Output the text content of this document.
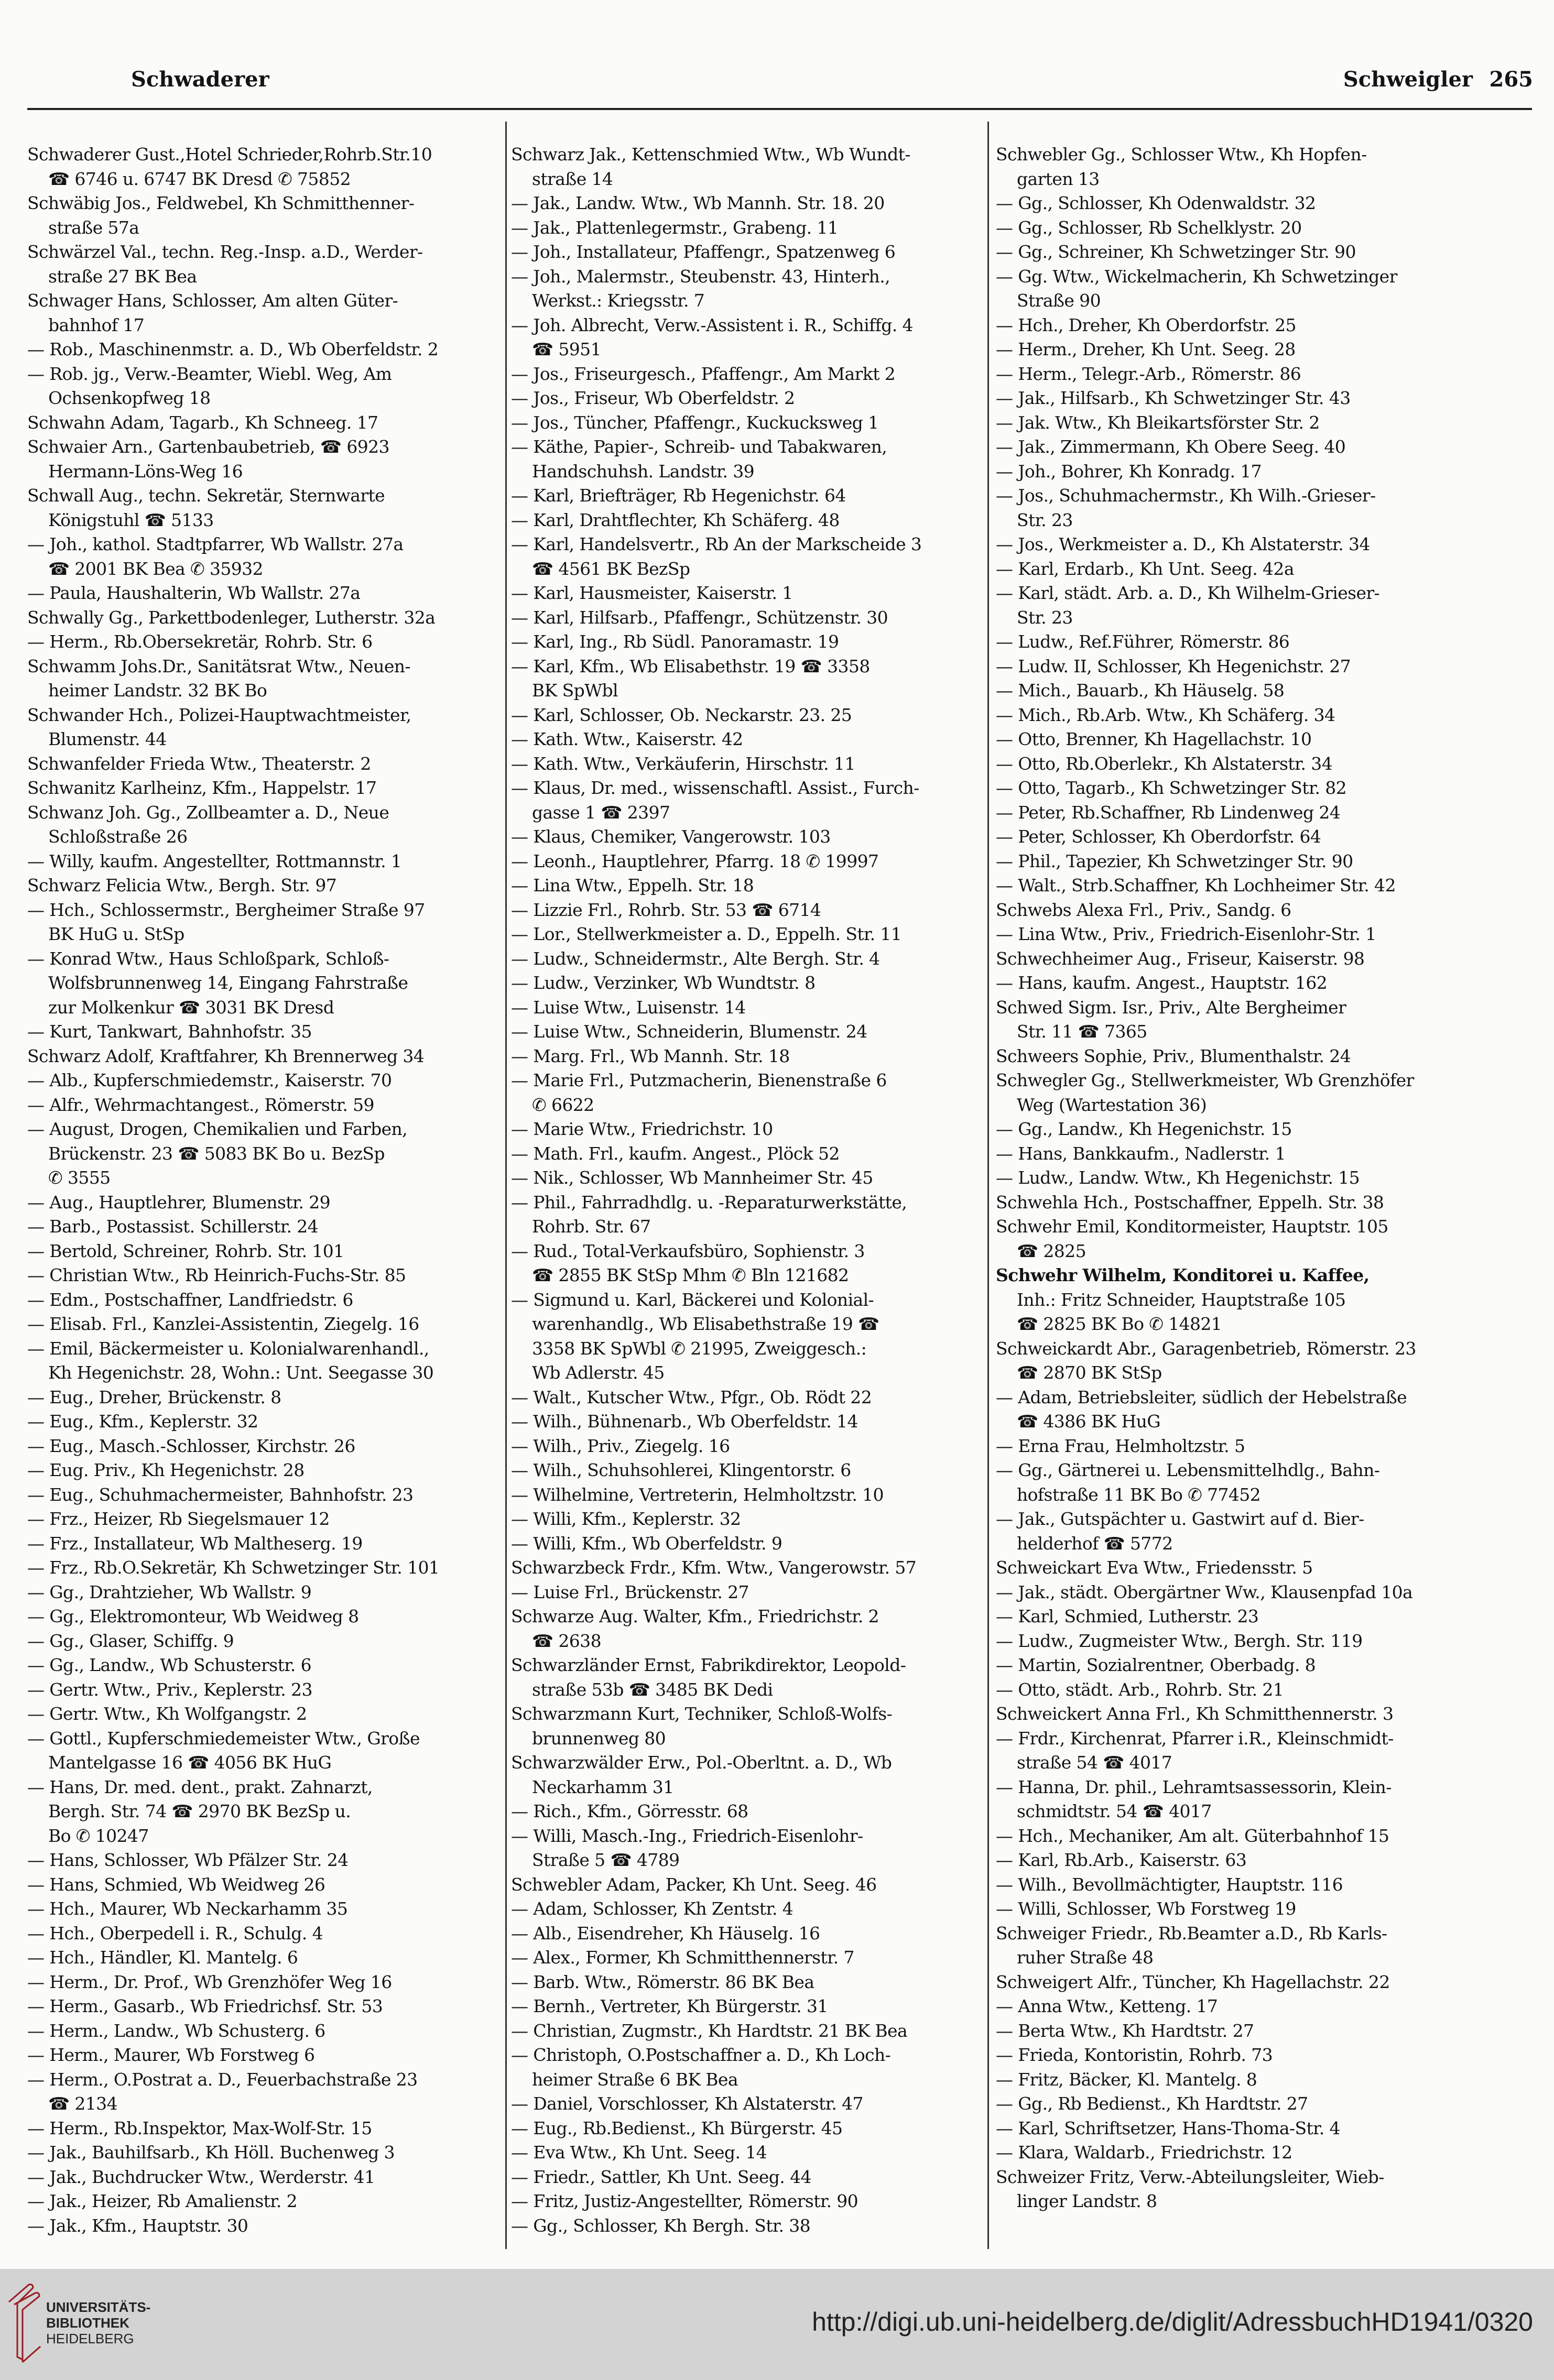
Schwaderer	Schweigler 265
Schwaderer Gust.,Hotel Schrieder,Rohrb.Str.10
☎ 6746 u. 6747 BK Dresd ✆ 75852
Schwäbig Jos., Feldwebel, Kh Schmitthenner-
straße 57a
Schwärzel Val., techn. Reg.-Insp. a.D., Werder-
straße 27 BK Bea
Schwager Hans, Schlosser, Am alten Güter-
bahnhof 17
— Rob., Maschinenmstr. a. D., Wb Oberfeldstr. 2
— Rob. jg., Verw.-Beamter, Wiebl. Weg, Am
Ochsenkopfweg 18
Schwahn Adam, Tagarb., Kh Schneeg. 17
Schwaier Arn., Gartenbaubetrieb, ☎ 6923
Hermann-Löns-Weg 16
Schwall Aug., techn. Sekretär, Sternwarte
Königstuhl ☎ 5133
— Joh., kathol. Stadtpfarrer, Wb Wallstr. 27a
☎ 2001 BK Bea ✆ 35932
— Paula, Haushalterin, Wb Wallstr. 27a
Schwally Gg., Parkettbodenleger, Lutherstr. 32a
— Herm., Rb.Obersekretär, Rohrb. Str. 6
Schwamm Johs.Dr., Sanitätsrat Wtw., Neuen-
heimer Landstr. 32 BK Bo
Schwander Hch., Polizei-Hauptwachtmeister,
Blumenstr. 44
Schwanfelder Frieda Wtw., Theaterstr. 2
Schwanitz Karlheinz, Kfm., Happelstr. 17
Schwanz Joh. Gg., Zollbeamter a. D., Neue
Schloßstraße 26
— Willy, kaufm. Angestellter, Rottmannstr. 1
Schwarz Felicia Wtw., Bergh. Str. 97
— Hch., Schlossermstr., Bergheimer Straße 97
BK HuG u. StSp
— Konrad Wtw., Haus Schloßpark, Schloß-
Wolfsbrunnenweg 14, Eingang Fahrstraße
zur Molkenkur ☎ 3031 BK Dresd
— Kurt, Tankwart, Bahnhofstr. 35
Schwarz Adolf, Kraftfahrer, Kh Brennerweg 34
— Alb., Kupferschmiedemstr., Kaiserstr. 70
— Alfr., Wehrmachtangest., Römerstr. 59
— August, Drogen, Chemikalien und Farben,
Brückenstr. 23 ☎ 5083 BK Bo u. BezSp
✆ 3555
— Aug., Hauptlehrer, Blumenstr. 29
— Barb., Postassist. Schillerstr. 24
— Bertold, Schreiner, Rohrb. Str. 101
— Christian Wtw., Rb Heinrich-Fuchs-Str. 85
— Edm., Postschaffner, Landfriedstr. 6
— Elisab. Frl., Kanzlei-Assistentin, Ziegelg. 16
— Emil, Bäckermeister u. Kolonialwarenhandl.,
Kh Hegenichstr. 28, Wohn.: Unt. Seegasse 30
— Eug., Dreher, Brückenstr. 8
— Eug., Kfm., Keplerstr. 32
— Eug., Masch.-Schlosser, Kirchstr. 26
— Eug. Priv., Kh Hegenichstr. 28
— Eug., Schuhmachermeister, Bahnhofstr. 23
— Frz., Heizer, Rb Siegelsmauer 12
— Frz., Installateur, Wb Maltheserg. 19
— Frz., Rb.O.Sekretär, Kh Schwetzinger Str. 101
— Gg., Drahtzieher, Wb Wallstr. 9
— Gg., Elektromonteur, Wb Weidweg 8
— Gg., Glaser, Schiffg. 9
— Gg., Landw., Wb Schusterstr. 6
— Gertr. Wtw., Priv., Keplerstr. 23
— Gertr. Wtw., Kh Wolfgangstr. 2
— Gottl., Kupferschmiedemeister Wtw., Große
Mantelgasse 16 ☎ 4056 BK HuG
— Hans, Dr. med. dent., prakt. Zahnarzt,
Bergh. Str. 74 ☎ 2970 BK BezSp u.
Bo ✆ 10247
— Hans, Schlosser, Wb Pfälzer Str. 24
— Hans, Schmied, Wb Weidweg 26
— Hch., Maurer, Wb Neckarhamm 35
— Hch., Oberpedell i. R., Schulg. 4
— Hch., Händler, Kl. Mantelg. 6
— Herm., Dr. Prof., Wb Grenzhöfer Weg 16
— Herm., Gasarb., Wb Friedrichsf. Str. 53
— Herm., Landw., Wb Schusterg. 6
— Herm., Maurer, Wb Forstweg 6
— Herm., O.Postrat a. D., Feuerbachstraße 23
☎ 2134
— Herm., Rb.Inspektor, Max-Wolf-Str. 15
— Jak., Bauhilfsarb., Kh Höll. Buchenweg 3
— Jak., Buchdrucker Wtw., Werderstr. 41
— Jak., Heizer, Rb Amalienstr. 2
— Jak., Kfm., Hauptstr. 30
Schwarz Jak., Kettenschmied Wtw., Wb Wundt-
straße 14
— Jak., Landw. Wtw., Wb Mannh. Str. 18. 20
— Jak., Plattenlegermstr., Grabeng. 11
— Joh., Installateur, Pfaffengr., Spatzenweg 6
— Joh., Malermstr., Steubenstr. 43, Hinterh.,
Werkst.: Kriegsstr. 7
— Joh. Albrecht, Verw.-Assistent i. R., Schiffg. 4
☎ 5951
— Jos., Friseurgesch., Pfaffengr., Am Markt 2
— Jos., Friseur, Wb Oberfeldstr. 2
— Jos., Tüncher, Pfaffengr., Kuckucksweg 1
— Käthe, Papier-, Schreib- und Tabakwaren,
Handschuhsh. Landstr. 39
— Karl, Briefträger, Rb Hegenichstr. 64
— Karl, Drahtflechter, Kh Schäferg. 48
— Karl, Handelsvertr., Rb An der Markscheide 3
☎ 4561 BK BezSp
— Karl, Hausmeister, Kaiserstr. 1
— Karl, Hilfsarb., Pfaffengr., Schützenstr. 30
— Karl, Ing., Rb Südl. Panoramastr. 19
— Karl, Kfm., Wb Elisabethstr. 19 ☎ 3358
BK SpWbl
— Karl, Schlosser, Ob. Neckarstr. 23. 25
— Kath. Wtw., Kaiserstr. 42
— Kath. Wtw., Verkäuferin, Hirschstr. 11
— Klaus, Dr. med., wissenschaftl. Assist., Furch-
gasse 1 ☎ 2397
— Klaus, Chemiker, Vangerowstr. 103
— Leonh., Hauptlehrer, Pfarrg. 18 ✆ 19997
— Lina Wtw., Eppelh. Str. 18
— Lizzie Frl., Rohrb. Str. 53 ☎ 6714
— Lor., Stellwerkmeister a. D., Eppelh. Str. 11
— Ludw., Schneidermstr., Alte Bergh. Str. 4
— Ludw., Verzinker, Wb Wundtstr. 8
— Luise Wtw., Luisenstr. 14
— Luise Wtw., Schneiderin, Blumenstr. 24
— Marg. Frl., Wb Mannh. Str. 18
— Marie Frl., Putzmacherin, Bienenstraße 6
✆ 6622
— Marie Wtw., Friedrichstr. 10
— Math. Frl., kaufm. Angest., Plöck 52
— Nik., Schlosser, Wb Mannheimer Str. 45
— Phil., Fahrradhdlg. u. -Reparaturwerkstätte,
Rohrb. Str. 67
— Rud., Total-Verkaufsbüro, Sophienstr. 3
☎ 2855 BK StSp Mhm ✆ Bln 121682
— Sigmund u. Karl, Bäckerei und Kolonial-
warenhandlg., Wb Elisabethstraße 19 ☎
3358 BK SpWbl ✆ 21995, Zweiggesch.:
Wb Adlerstr. 45
— Walt., Kutscher Wtw., Pfgr., Ob. Rödt 22
— Wilh., Bühnenarb., Wb Oberfeldstr. 14
— Wilh., Priv., Ziegelg. 16
— Wilh., Schuhsohlerei, Klingentorstr. 6
— Wilhelmine, Vertreterin, Helmholtzstr. 10
— Willi, Kfm., Keplerstr. 32
— Willi, Kfm., Wb Oberfeldstr. 9
Schwarzbeck Frdr., Kfm. Wtw., Vangerowstr. 57
— Luise Frl., Brückenstr. 27
Schwarze Aug. Walter, Kfm., Friedrichstr. 2
☎ 2638
Schwarzländer Ernst, Fabrikdirektor, Leopold-
straße 53b ☎ 3485 BK Dedi
Schwarzmann Kurt, Techniker, Schloß-Wolfs-
brunnenweg 80
Schwarzwälder Erw., Pol.-Oberltnt. a. D., Wb
Neckarhamm 31
— Rich., Kfm., Görresstr. 68
— Willi, Masch.-Ing., Friedrich-Eisenlohr-
Straße 5 ☎ 4789
Schwebler Adam, Packer, Kh Unt. Seeg. 46
— Adam, Schlosser, Kh Zentstr. 4
— Alb., Eisendreher, Kh Häuselg. 16
— Alex., Former, Kh Schmitthennerstr. 7
— Barb. Wtw., Römerstr. 86 BK Bea
— Bernh., Vertreter, Kh Bürgerstr. 31
— Christian, Zugmstr., Kh Hardtstr. 21 BK Bea
— Christoph, O.Postschaffner a. D., Kh Loch-
heimer Straße 6 BK Bea
— Daniel, Vorschlosser, Kh Alstaterstr. 47
— Eug., Rb.Bedienst., Kh Bürgerstr. 45
— Eva Wtw., Kh Unt. Seeg. 14
— Friedr., Sattler, Kh Unt. Seeg. 44
— Fritz, Justiz-Angestellter, Römerstr. 90
— Gg., Schlosser, Kh Bergh. Str. 38
Schwebler Gg., Schlosser Wtw., Kh Hopfen-
garten 13
— Gg., Schlosser, Kh Odenwaldstr. 32
— Gg., Schlosser, Rb Schelklystr. 20
— Gg., Schreiner, Kh Schwetzinger Str. 90
— Gg. Wtw., Wickelmacherin, Kh Schwetzinger
Straße 90
— Hch., Dreher, Kh Oberdorfstr. 25
— Herm., Dreher, Kh Unt. Seeg. 28
— Herm., Telegr.-Arb., Römerstr. 86
— Jak., Hilfsarb., Kh Schwetzinger Str. 43
— Jak. Wtw., Kh Bleikartsförster Str. 2
— Jak., Zimmermann, Kh Obere Seeg. 40
— Joh., Bohrer, Kh Konradg. 17
— Jos., Schuhmachermstr., Kh Wilh.-Grieser-
Str. 23
— Jos., Werkmeister a. D., Kh Alstaterstr. 34
— Karl, Erdarb., Kh Unt. Seeg. 42a
— Karl, städt. Arb. a. D., Kh Wilhelm-Grieser-
Str. 23
— Ludw., Ref.Führer, Römerstr. 86
— Ludw. II, Schlosser, Kh Hegenichstr. 27
— Mich., Bauarb., Kh Häuselg. 58
— Mich., Rb.Arb. Wtw., Kh Schäferg. 34
— Otto, Brenner, Kh Hagellachstr. 10
— Otto, Rb.Oberlekr., Kh Alstaterstr. 34
— Otto, Tagarb., Kh Schwetzinger Str. 82
— Peter, Rb.Schaffner, Rb Lindenweg 24
— Peter, Schlosser, Kh Oberdorfstr. 64
— Phil., Tapezier, Kh Schwetzinger Str. 90
— Walt., Strb.Schaffner, Kh Lochheimer Str. 42
Schwebs Alexa Frl., Priv., Sandg. 6
— Lina Wtw., Priv., Friedrich-Eisenlohr-Str. 1
Schwechheimer Aug., Friseur, Kaiserstr. 98
— Hans, kaufm. Angest., Hauptstr. 162
Schwed Sigm. Isr., Priv., Alte Bergheimer
Str. 11 ☎ 7365
Schweers Sophie, Priv., Blumenthalstr. 24
Schwegler Gg., Stellwerkmeister, Wb Grenzhöfer
Weg (Wartestation 36)
— Gg., Landw., Kh Hegenichstr. 15
— Hans, Bankkaufm., Nadlerstr. 1
— Ludw., Landw. Wtw., Kh Hegenichstr. 15
Schwehla Hch., Postschaffner, Eppelh. Str. 38
Schwehr Emil, Konditormeister, Hauptstr. 105
☎ 2825
Schwehr Wilhelm, Konditorei u. Kaffee,
Inh.: Fritz Schneider, Hauptstraße 105
☎ 2825 BK Bo ✆ 14821
Schweickardt Abr., Garagenbetrieb, Römerstr. 23
☎ 2870 BK StSp
— Adam, Betriebsleiter, südlich der Hebelstraße
☎ 4386 BK HuG
— Erna Frau, Helmholtzstr. 5
— Gg., Gärtnerei u. Lebensmittelhdlg., Bahn-
hofstraße 11 BK Bo ✆ 77452
— Jak., Gutspächter u. Gastwirt auf d. Bier-
helderhof ☎ 5772
Schweickart Eva Wtw., Friedensstr. 5
— Jak., städt. Obergärtner Ww., Klausenpfad 10a
— Karl, Schmied, Lutherstr. 23
— Ludw., Zugmeister Wtw., Bergh. Str. 119
— Martin, Sozialrentner, Oberbadg. 8
— Otto, städt. Arb., Rohrb. Str. 21
Schweickert Anna Frl., Kh Schmitthennerstr. 3
— Frdr., Kirchenrat, Pfarrer i.R., Kleinschmidt-
straße 54 ☎ 4017
— Hanna, Dr. phil., Lehramtsassessorin, Klein-
schmidtstr. 54 ☎ 4017
— Hch., Mechaniker, Am alt. Güterbahnhof 15
— Karl, Rb.Arb., Kaiserstr. 63
— Wilh., Bevollmächtigter, Hauptstr. 116
— Willi, Schlosser, Wb Forstweg 19
Schweiger Friedr., Rb.Beamter a.D., Rb Karls-
ruher Straße 48
Schweigert Alfr., Tüncher, Kh Hagellachstr. 22
— Anna Wtw., Ketteng. 17
— Berta Wtw., Kh Hardtstr. 27
— Frieda, Kontoristin, Rohrb. 73
— Fritz, Bäcker, Kl. Mantelg. 8
— Gg., Rb Bedienst., Kh Hardtstr. 27
— Karl, Schriftsetzer, Hans-Thoma-Str. 4
— Klara, Waldarb., Friedrichstr. 12
Schweizer Fritz, Verw.-Abteilungsleiter, Wieb-
linger Landstr. 8
UNIVERSITÄTS-
BIBLIOTHEK
HEIDELBERG
http://digi.ub.uni-heidelberg.de/diglit/AdressbuchHD1941/0320
